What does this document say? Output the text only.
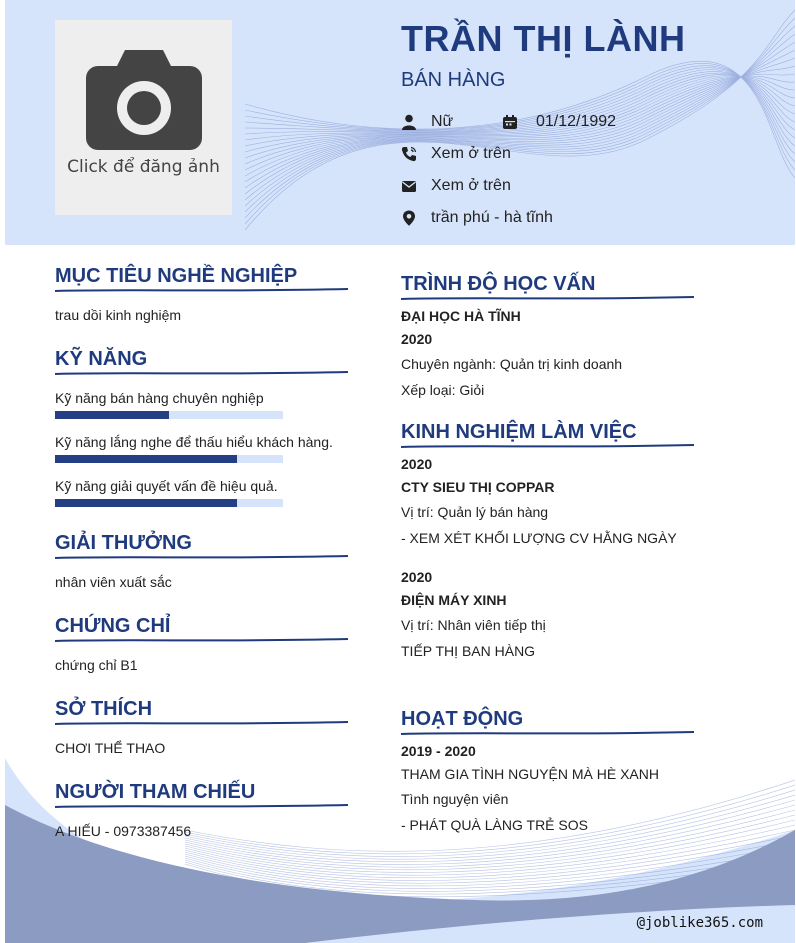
Click để đăng ảnh
TRẦN THỊ LÀNH
BÁN HÀNG
Nữ	01/12/1992
Xem ở trên
Xem ở trên
trần phú - hà tĩnh
MỤC TIÊU NGHỀ NGHIỆP
trau dồi kinh nghiệm
KỸ NĂNG
Kỹ năng bán hàng chuyên nghiệp
Kỹ năng lắng nghe để thấu hiểu khách hàng.
Kỹ năng giải quyết vấn đề hiệu quả.
GIẢI THƯỞNG
nhân viên xuất sắc
CHỨNG CHỈ
chứng chỉ B1
SỞ THÍCH
CHƠI THỂ THAO
NGƯỜI THAM CHIẾU
A HIẾU - 0973387456
TRÌNH ĐỘ HỌC VẤN
ĐẠI HỌC HÀ TĨNH
2020
Chuyên ngành: Quản trị kinh doanh
Xếp loại: Giỏi
KINH NGHIỆM LÀM VIỆC
2020
CTY SIEU THỊ COPPAR
Vị trí: Quản lý bán hàng
- XEM XÉT KHỐI LƯỢNG CV HẰNG NGÀY
2020
ĐIỆN MÁY XINH
Vị trí: Nhân viên tiếp thị
TIẾP THỊ BAN HÀNG
HOẠT ĐỘNG
2019 - 2020
THAM GIA TÌNH NGUYỆN MÀ HÈ XANH
Tình nguyện viên
- PHÁT QUÀ LÀNG TRẺ SOS
@joblike365.com
